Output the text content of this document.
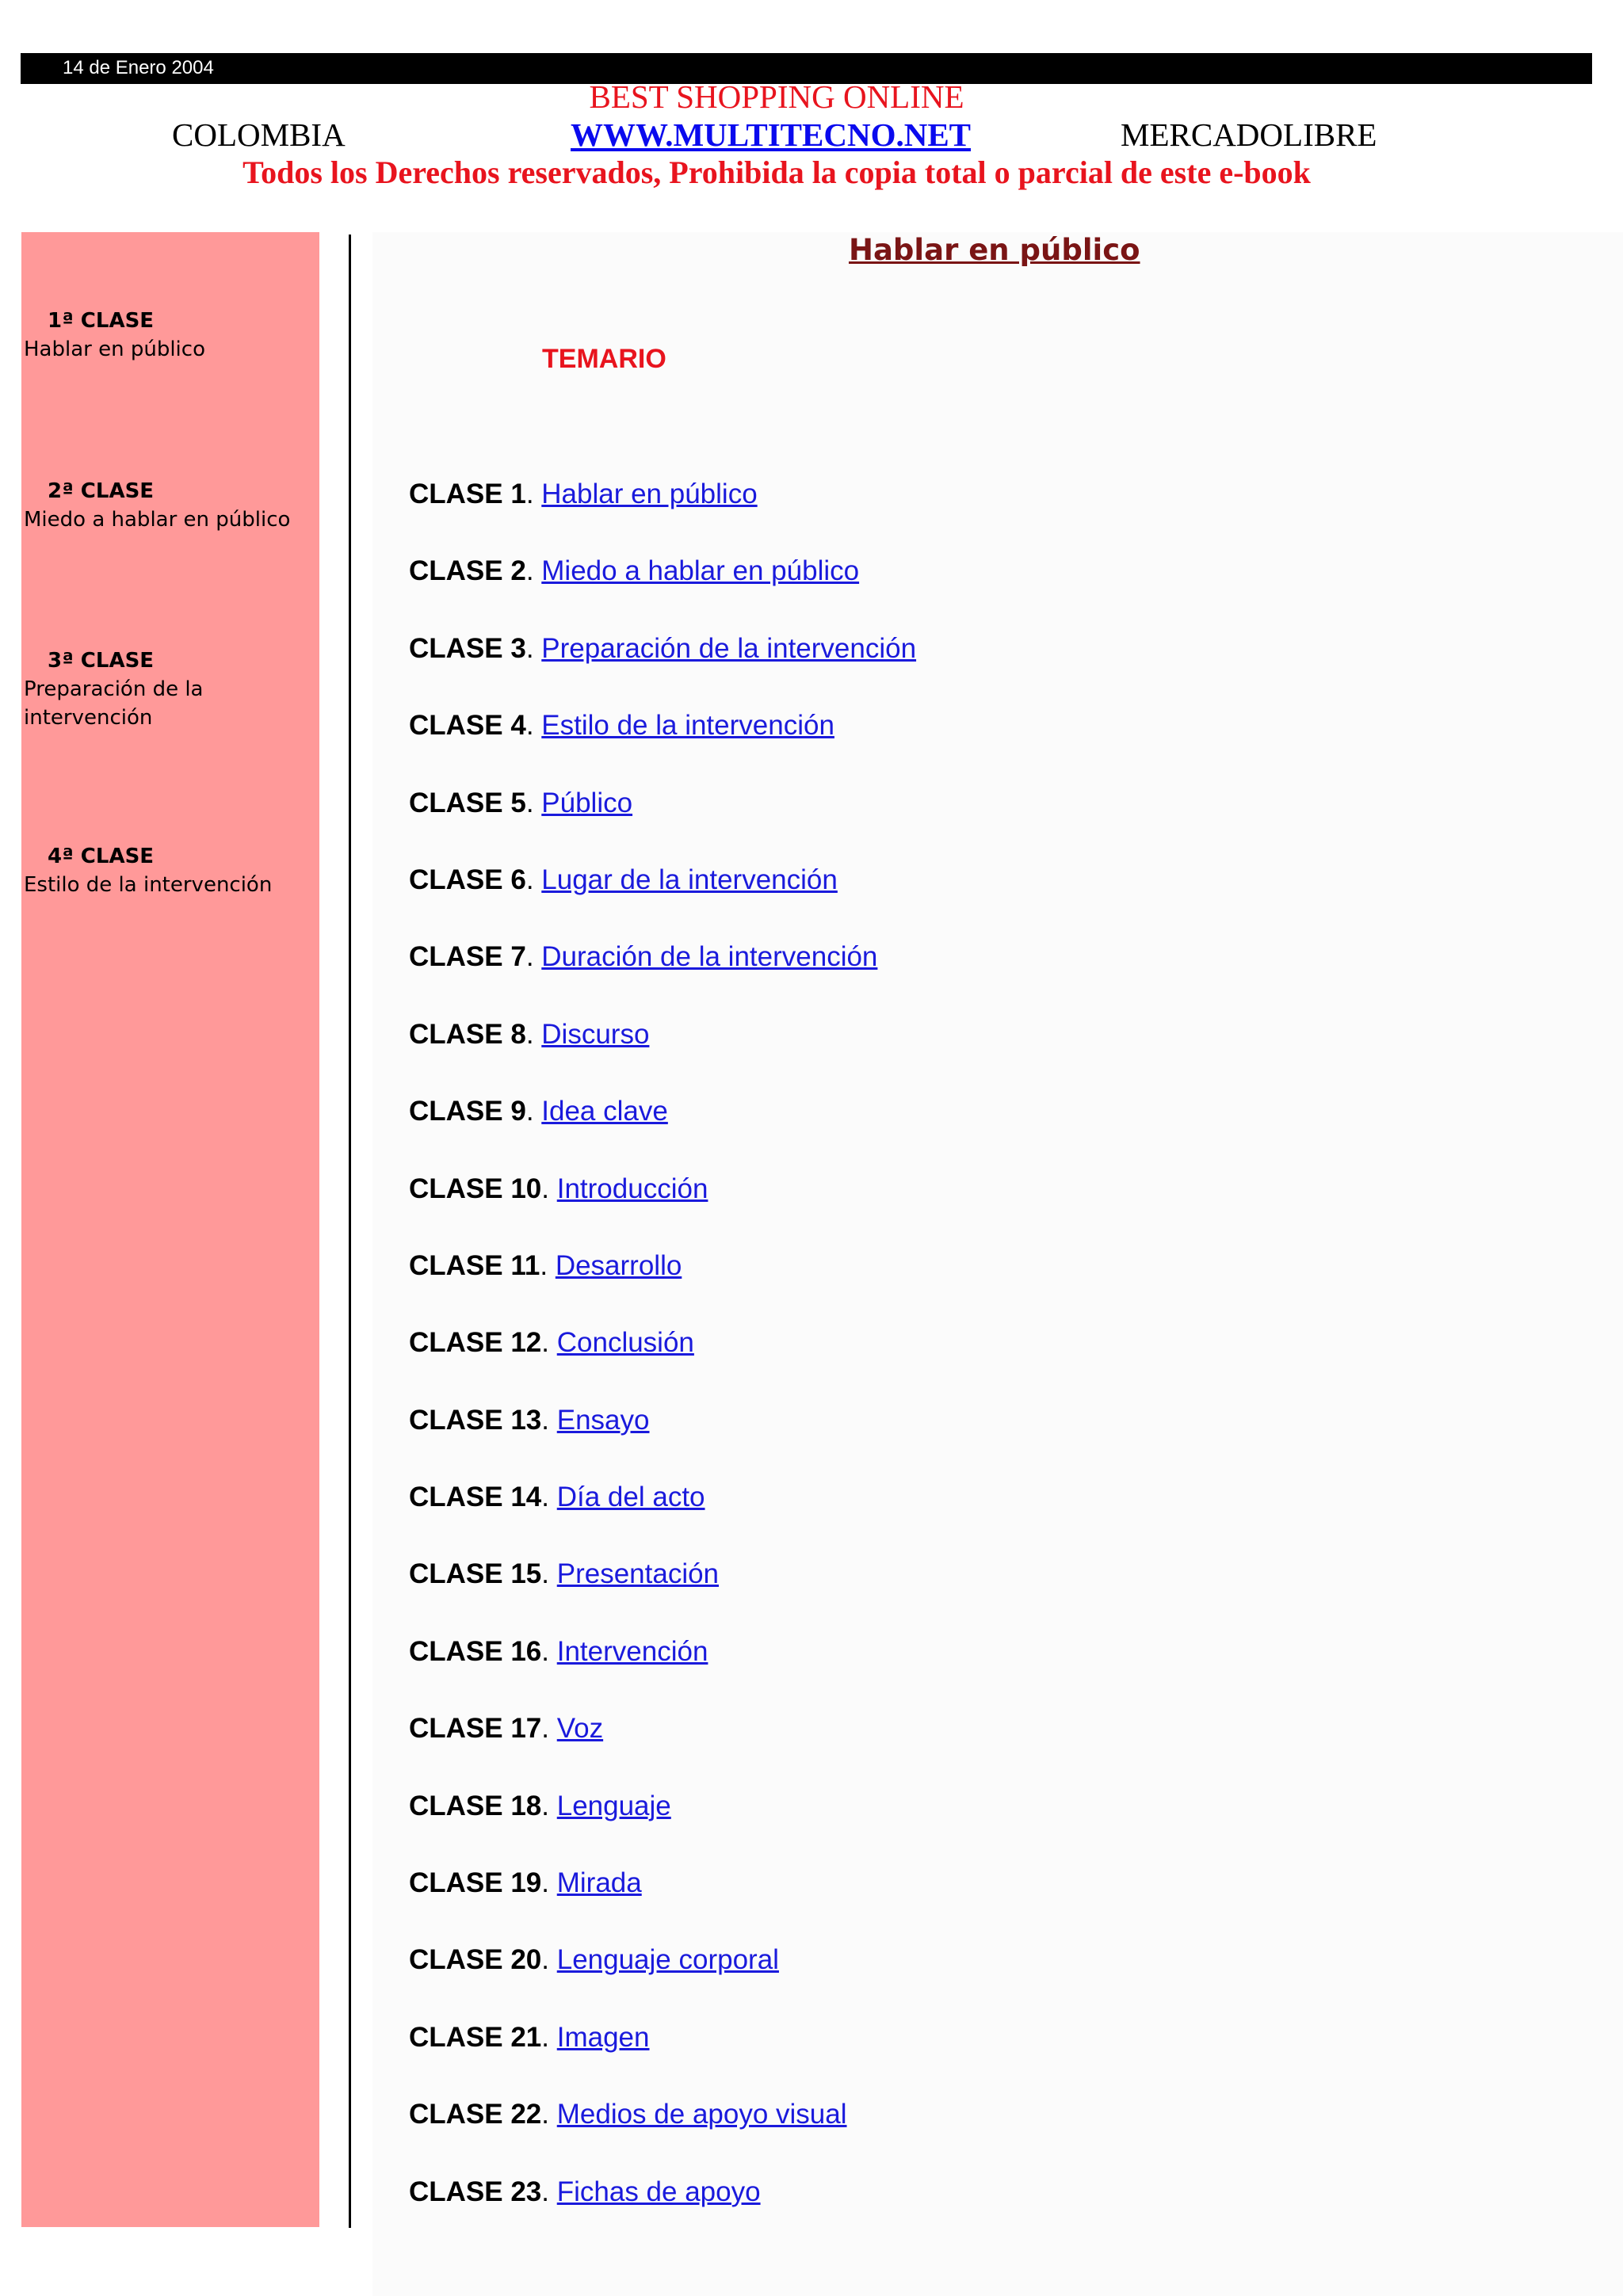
14 de Enero 2004
BEST SHOPPING ONLINE
COLOMBIA	WWW.MULTITECNO.NET	MERCADOLIBRE
Todos los Derechos reservados, Prohibida la copia total o parcial de este e-book
1ª CLASE
Hablar en público
2ª CLASE
Miedo a hablar en público
3ª CLASE
Preparación de la intervención
4ª CLASE
Estilo de la intervención
Hablar en público
TEMARIO
CLASE 1. Hablar en público
CLASE 2. Miedo a hablar en público
CLASE 3. Preparación de la intervención
CLASE 4. Estilo de la intervención
CLASE 5. Público
CLASE 6. Lugar de la intervención
CLASE 7. Duración de la intervención
CLASE 8. Discurso
CLASE 9. Idea clave
CLASE 10. Introducción
CLASE 11. Desarrollo
CLASE 12. Conclusión
CLASE 13. Ensayo
CLASE 14. Día del acto
CLASE 15. Presentación
CLASE 16. Intervención
CLASE 17. Voz
CLASE 18. Lenguaje
CLASE 19. Mirada
CLASE 20. Lenguaje corporal
CLASE 21. Imagen
CLASE 22. Medios de apoyo visual
CLASE 23. Fichas de apoyo
